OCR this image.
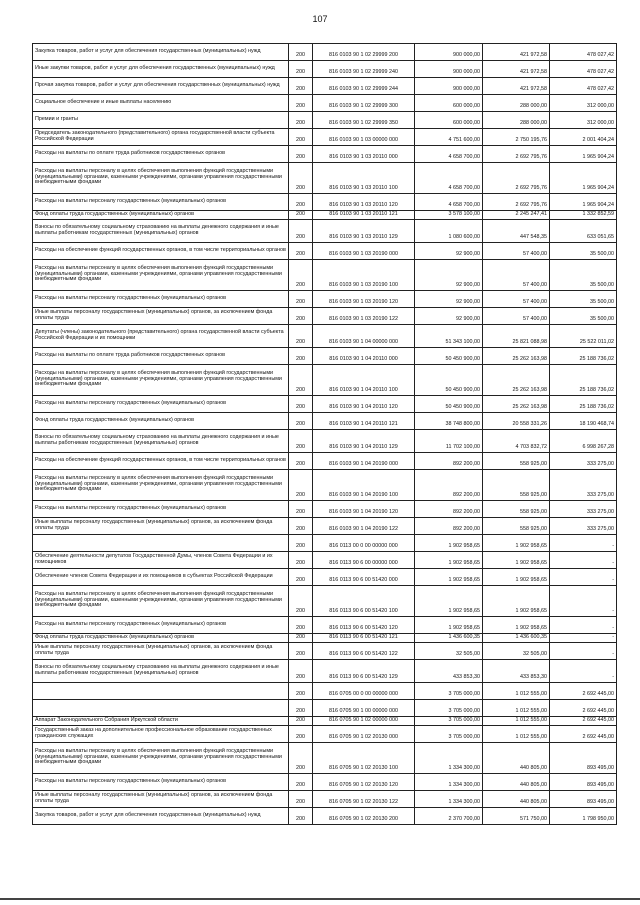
107
Закупка товаров, работ и услуг для обеспечения государственных (муниципальных) нужд	200	816 0103 90 1 02 29999 200	900 000,00	421 972,58	478 027,42
Иные закупки товаров, работ и услуг для обеспечения государственных (муниципальных) нужд	200	816 0103 90 1 02 29999 240	900 000,00	421 972,58	478 027,42
Прочая закупка товаров, работ и услуг для обеспечения государственных (муниципальных) нужд	200	816 0103 90 1 02 29999 244	900 000,00	421 972,58	478 027,42
Социальное обеспечение и иные выплаты населению	200	816 0103 90 1 02 29999 300	600 000,00	288 000,00	312 000,00
Премии и гранты	200	816 0103 90 1 02 29999 350	600 000,00	288 000,00	312 000,00
Председатель законодательного (представительного) органа государственной власти субъекта Российской Федерации	200	816 0103 90 1 03 00000 000	4 751 600,00	2 750 195,76	2 001 404,24
Расходы на выплаты по оплате труда работников государственных органов	200	816 0103 90 1 03 20110 000	4 658 700,00	2 692 795,76	1 965 904,24
Расходы на выплаты персоналу в целях обеспечения выполнения функций государственными (муниципальными) органами, казенными учреждениями, органами управления государственными внебюджетными фондами	200	816 0103 90 1 03 20110 100	4 658 700,00	2 692 795,76	1 965 904,24
Расходы на выплаты персоналу государственных (муниципальных) органов	200	816 0103 90 1 03 20110 120	4 658 700,00	2 692 795,76	1 965 904,24
Фонд оплаты труда государственных (муниципальных) органов	200	816 0103 90 1 03 20110 121	3 578 100,00	2 245 247,41	1 332 852,59
Взносы по обязательному социальному страхованию на выплаты денежного содержания и иные выплаты работникам государственных (муниципальных) органов	200	816 0103 90 1 03 20110 129	1 080 600,00	447 548,35	633 051,65
Расходы на обеспечение функций государственных органов, в том числе территориальных органов	200	816 0103 90 1 03 20190 000	92 900,00	57 400,00	35 500,00
Расходы на выплаты персоналу в целях обеспечения выполнения функций государственными (муниципальными) органами, казенными учреждениями, органами управления государственными внебюджетными фондами	200	816 0103 90 1 03 20190 100	92 900,00	57 400,00	35 500,00
Расходы на выплаты персоналу государственных (муниципальных) органов	200	816 0103 90 1 03 20190 120	92 900,00	57 400,00	35 500,00
Иные выплаты персоналу государственных (муниципальных) органов, за исключением фонда оплаты труда	200	816 0103 90 1 03 20190 122	92 900,00	57 400,00	35 500,00
Депутаты (члены) законодательного (представительного) органа государственной власти субъекта Российской Федерации и их помощники	200	816 0103 90 1 04 00000 000	51 343 100,00	25 821 088,98	25 522 011,02
Расходы на выплаты по оплате труда работников государственных органов	200	816 0103 90 1 04 20110 000	50 450 900,00	25 262 163,98	25 188 736,02
Расходы на выплаты персоналу в целях обеспечения выполнения функций государственными (муниципальными) органами, казенными учреждениями, органами управления государственными внебюджетными фондами	200	816 0103 90 1 04 20110 100	50 450 900,00	25 262 163,98	25 188 736,02
Расходы на выплаты персоналу государственных (муниципальных) органов	200	816 0103 90 1 04 20110 120	50 450 900,00	25 262 163,98	25 188 736,02
Фонд оплаты труда государственных (муниципальных) органов	200	816 0103 90 1 04 20110 121	38 748 800,00	20 558 331,26	18 190 468,74
Взносы по обязательному социальному страхованию на выплаты денежного содержания и иные выплаты работникам государственных (муниципальных) органов	200	816 0103 90 1 04 20110 129	11 702 100,00	4 703 832,72	6 998 267,28
Расходы на обеспечение функций государственных органов, в том числе территориальных органов	200	816 0103 90 1 04 20190 000	892 200,00	558 925,00	333 275,00
Расходы на выплаты персоналу в целях обеспечения выполнения функций государственными (муниципальными) органами, казенными учреждениями, органами управления государственными внебюджетными фондами	200	816 0103 90 1 04 20190 100	892 200,00	558 925,00	333 275,00
Расходы на выплаты персоналу государственных (муниципальных) органов	200	816 0103 90 1 04 20190 120	892 200,00	558 925,00	333 275,00
Иные выплаты персоналу государственных (муниципальных) органов, за исключением фонда оплаты труда	200	816 0103 90 1 04 20190 122	892 200,00	558 925,00	333 275,00
	200	816 0113 00 0 00 00000 000	1 902 958,65	1 902 958,65	-
Обеспечение деятельности депутатов Государственной Думы, членов Совета Федерации и их помощников	200	816 0113 90 6 00 00000 000	1 902 958,65	1 902 958,65	-
Обеспечение членов Совета Федерации и их помощников в субъектах Российской Федерации	200	816 0113 90 6 00 51420 000	1 902 958,65	1 902 958,65	-
Расходы на выплаты персоналу в целях обеспечения выполнения функций государственными (муниципальными) органами, казенными учреждениями, органами управления государственными внебюджетными фондами	200	816 0113 90 6 00 51420 100	1 902 958,65	1 902 958,65	-
Расходы на выплаты персоналу государственных (муниципальных) органов	200	816 0113 90 6 00 51420 120	1 902 958,65	1 902 958,65	-
Фонд оплаты труда государственных (муниципальных) органов	200	816 0113 90 6 00 51420 121	1 436 600,35	1 436 600,35	-
Иные выплаты персоналу государственных (муниципальных) органов, за исключением фонда оплаты труда	200	816 0113 90 6 00 51420 122	32 505,00	32 505,00	-
Взносы по обязательному социальному страхованию на выплаты денежного содержания и иные выплаты работникам государственных (муниципальных) органов	200	816 0113 90 6 00 51420 129	433 853,30	433 853,30	-
	200	816 0705 00 0 00 00000 000	3 705 000,00	1 012 555,00	2 692 445,00
	200	816 0705 90 1 00 00000 000	3 705 000,00	1 012 555,00	2 692 445,00
Аппарат Законодательного Собрания Иркутской области	200	816 0705 90 1 02 00000 000	3 705 000,00	1 012 555,00	2 692 445,00
Государственный заказ на дополнительное профессиональное образование государственных гражданских служащих	200	816 0705 90 1 02 20130 000	3 705 000,00	1 012 555,00	2 692 445,00
Расходы на выплаты персоналу в целях обеспечения выполнения функций государственными (муниципальными) органами, казенными учреждениями, органами управления государственными внебюджетными фондами	200	816 0705 90 1 02 20130 100	1 334 300,00	440 805,00	893 495,00
Расходы на выплаты персоналу государственных (муниципальных) органов	200	816 0705 90 1 02 20130 120	1 334 300,00	440 805,00	893 495,00
Иные выплаты персоналу государственных (муниципальных) органов, за исключением фонда оплаты труда	200	816 0705 90 1 02 20130 122	1 334 300,00	440 805,00	893 495,00
Закупка товаров, работ и услуг для обеспечения государственных (муниципальных) нужд	200	816 0705 90 1 02 20130 200	2 370 700,00	571 750,00	1 798 950,00
